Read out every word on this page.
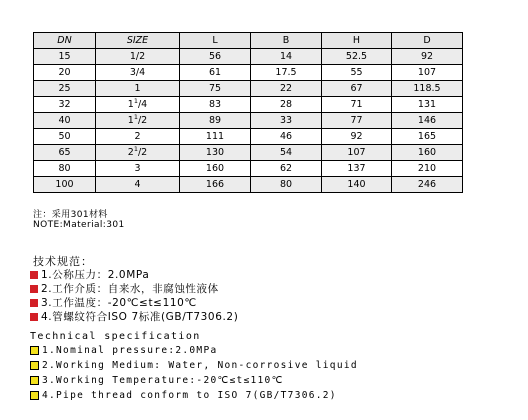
DN	SIZE	L	B	H	D
15	1/2	56	14	52.5	92
20	3/4	61	17.5	55	107
25	1	75	22	67	118.5
32	$1^1/4$	83	28	71	131
40	$1^1/2$	89	33	77	146
50	2	111	46	92	165
65	$2^1/2$	130	54	107	160
80	3	160	62	137	210
100	4	166	80	140	246
注：采用301材料
NOTE:Material:301
技术规范：
1.公称压力：2.0MPa
2.工作介质：自来水，非腐蚀性液体
3.工作温度：-20℃≤t≤110℃
4.管螺纹符合ISO 7标准(GB/T7306.2)
Technical specification
1.Nominal pressure:2.0MPa
2.Working Medium: Water, Non-corrosive liquid
3.Working Temperature:-20℃≤t≤110℃
4.Pipe thread conform to ISO 7(GB/T7306.2)
